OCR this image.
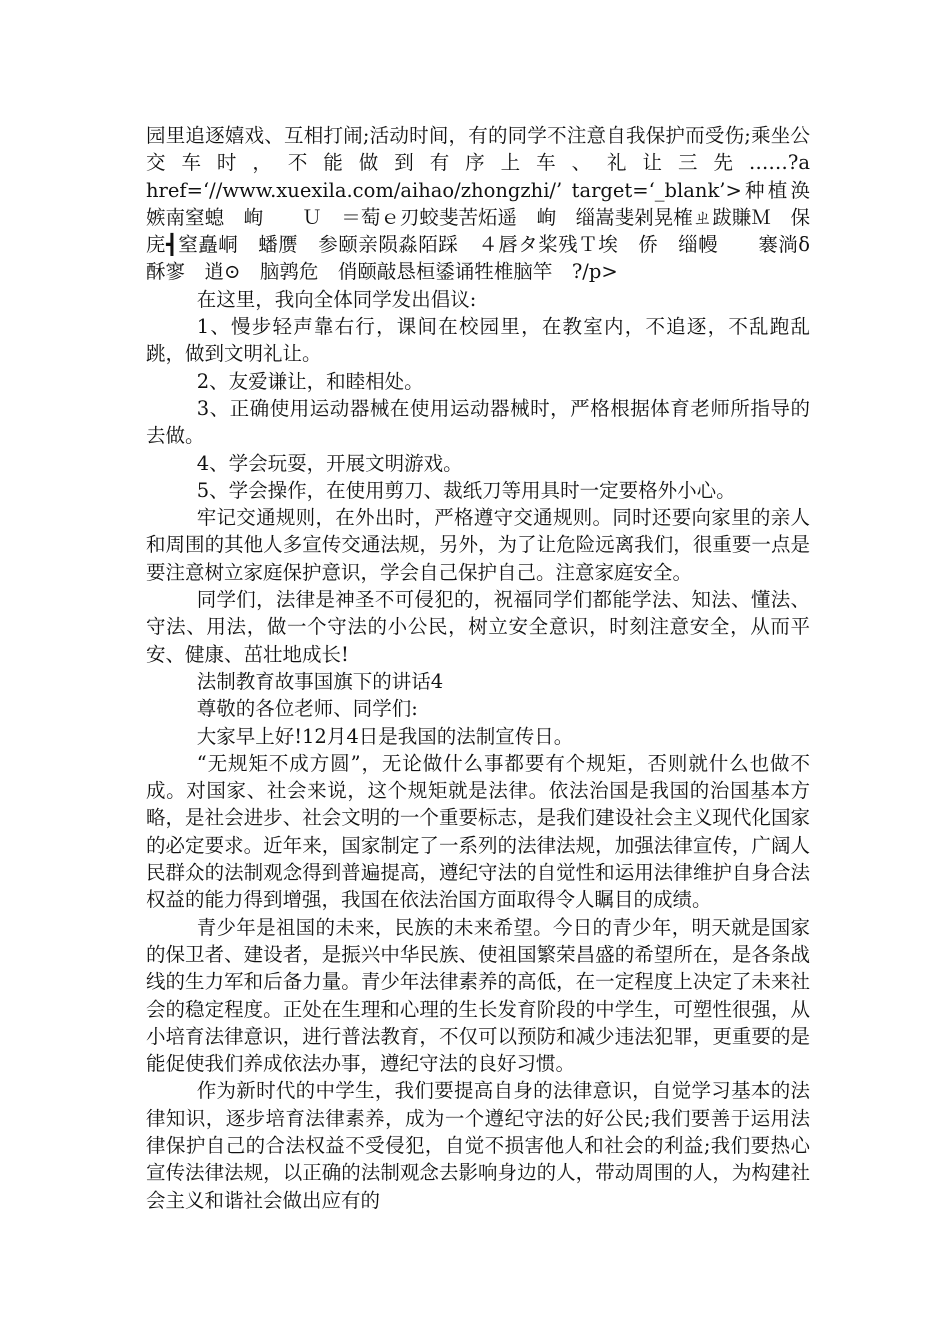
园里追逐嬉戏、互相打闹;活动时间，有的同学不注意自我保护而受伤;乘坐公交车时，不能做到有序上车、礼让三先……?a href=‘//www.xuexila.com/aihao/zhongzhi/’ target=‘_blank’>种植涣嫉南窒螅　峋　　Ｕ　＝萄ｅ刃蛟斐苦炻遥　峋　缁嵩斐剁晃榷ㄓ跋賺Ｍ　保　庑┫窒矗峒　蟠赝　参颐亲陨淼陌踩　４唇タ桨残Ｔ埃　侨　缁幔　　褰淌δ酥寥　逍⊙　脑鹑危　俏颐敲恳桓鋈诵牲椎脑竿　?/p>

在这里，我向全体同学发出倡议:

1、慢步轻声靠右行，课间在校园里，在教室内，不追逐，不乱跑乱跳，做到文明礼让。

2、友爱谦让，和睦相处。

3、正确使用运动器械在使用运动器械时，严格根据体育老师所指导的去做。

4、学会玩耍，开展文明游戏。

5、学会操作，在使用剪刀、裁纸刀等用具时一定要格外小心。

牢记交通规则，在外出时，严格遵守交通规则。同时还要向家里的亲人和周围的其他人多宣传交通法规，另外，为了让危险远离我们，很重要一点是要注意树立家庭保护意识，学会自己保护自己。注意家庭安全。

同学们，法律是神圣不可侵犯的，祝福同学们都能学法、知法、懂法、守法、用法，做一个守法的小公民，树立安全意识，时刻注意安全，从而平安、健康、茁壮地成长!

法制教育故事国旗下的讲话4

尊敬的各位老师、同学们:

大家早上好!12月4日是我国的法制宣传日。

“无规矩不成方圆”，无论做什么事都要有个规矩，否则就什么也做不成。对国家、社会来说，这个规矩就是法律。依法治国是我国的治国基本方略，是社会进步、社会文明的一个重要标志，是我们建设社会主义现代化国家的必定要求。近年来，国家制定了一系列的法律法规，加强法律宣传，广阔人民群众的法制观念得到普遍提高，遵纪守法的自觉性和运用法律维护自身合法权益的能力得到增强，我国在依法治国方面取得令人瞩目的成绩。

青少年是祖国的未来，民族的未来希望。今日的青少年，明天就是国家的保卫者、建设者，是振兴中华民族、使祖国繁荣昌盛的希望所在，是各条战线的生力军和后备力量。青少年法律素养的高低，在一定程度上决定了未来社会的稳定程度。正处在生理和心理的生长发育阶段的中学生，可塑性很强，从小培育法律意识，进行普法教育，不仅可以预防和减少违法犯罪，更重要的是能促使我们养成依法办事，遵纪守法的良好习惯。

作为新时代的中学生，我们要提高自身的法律意识，自觉学习基本的法律知识，逐步培育法律素养，成为一个遵纪守法的好公民;我们要善于运用法律保护自己的合法权益不受侵犯，自觉不损害他人和社会的利益;我们要热心宣传法律法规，以正确的法制观念去影响身边的人，带动周围的人，为构建社会主义和谐社会做出应有的
